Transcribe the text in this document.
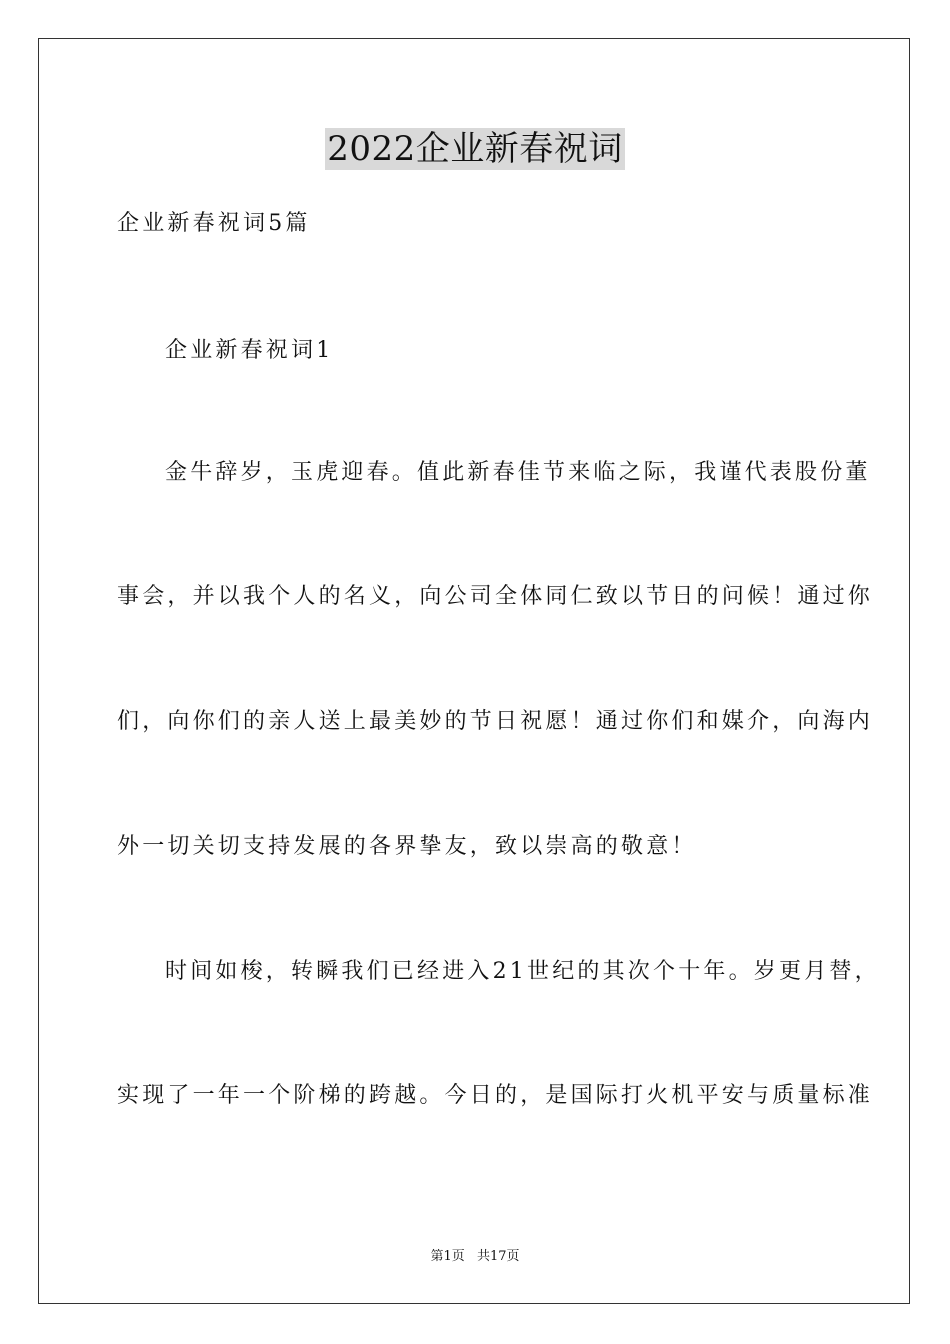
2022企业新春祝词
企业新春祝词5篇
企业新春祝词1
金牛辞岁，玉虎迎春。值此新春佳节来临之际，我谨代表股份董
事会，并以我个人的名义，向公司全体同仁致以节日的问候！通过你
们，向你们的亲人送上最美妙的节日祝愿！通过你们和媒介，向海内
外一切关切支持发展的各界挚友，致以崇高的敬意！
时间如梭，转瞬我们已经进入21世纪的其次个十年。岁更月替，
实现了一年一个阶梯的跨越。今日的，是国际打火机平安与质量标准
第1页 共17页
